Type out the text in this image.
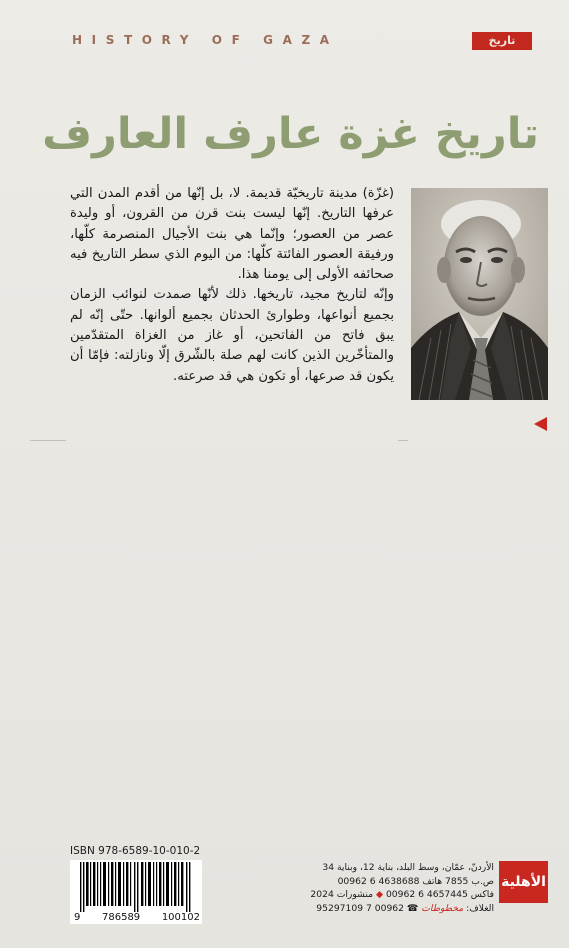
HISTORY OF GAZA	تاريخ
تاريخ غزة عارف العارف

(غزّة) مدينة تاريخيّة قديمة. لا، بل إنّها من أقدم المدن التي عرفها التاريخ. إنّها ليست بنت قرن من القرون، أو وليدة عصر من العصور؛ وإنّما هي بنت الأجيال المنصرمة كلّها، ورفيقة العصور الفائتة كلّها: من اليوم الذي سطر التاريخ فيه صحائفه الأولى إلى يومنا هذا.

وإنّه لتاريخ مجيد، تاريخها. ذلك لأنّها صمدت لنوائب الزمان بجميع أنواعها، وطوارئ الحدثان بجميع ألوانها. حتّى إنّه لم يبق فاتح من الفاتحين، أو غاز من الغزاة المتقدّمين والمتأخّرين الذين كانت لهم صلة بالشّرق إلّا ونازلته: فإمّا أن يكون قد صرعها، أو تكون هي قد صرعته.

ISBN 978-6589-10-010-2
9 786589 100102
الأردنّ، عمّان، وسط البلد، بناية 12، وبناية 34
ص.ب 7855 هاتف 4638688 6 00962
فاكس 4657445 6 00962 ◆ منشورات 2024
الغلاف: مخطوطات ☎ 00962 7 95297109
الأهلية
